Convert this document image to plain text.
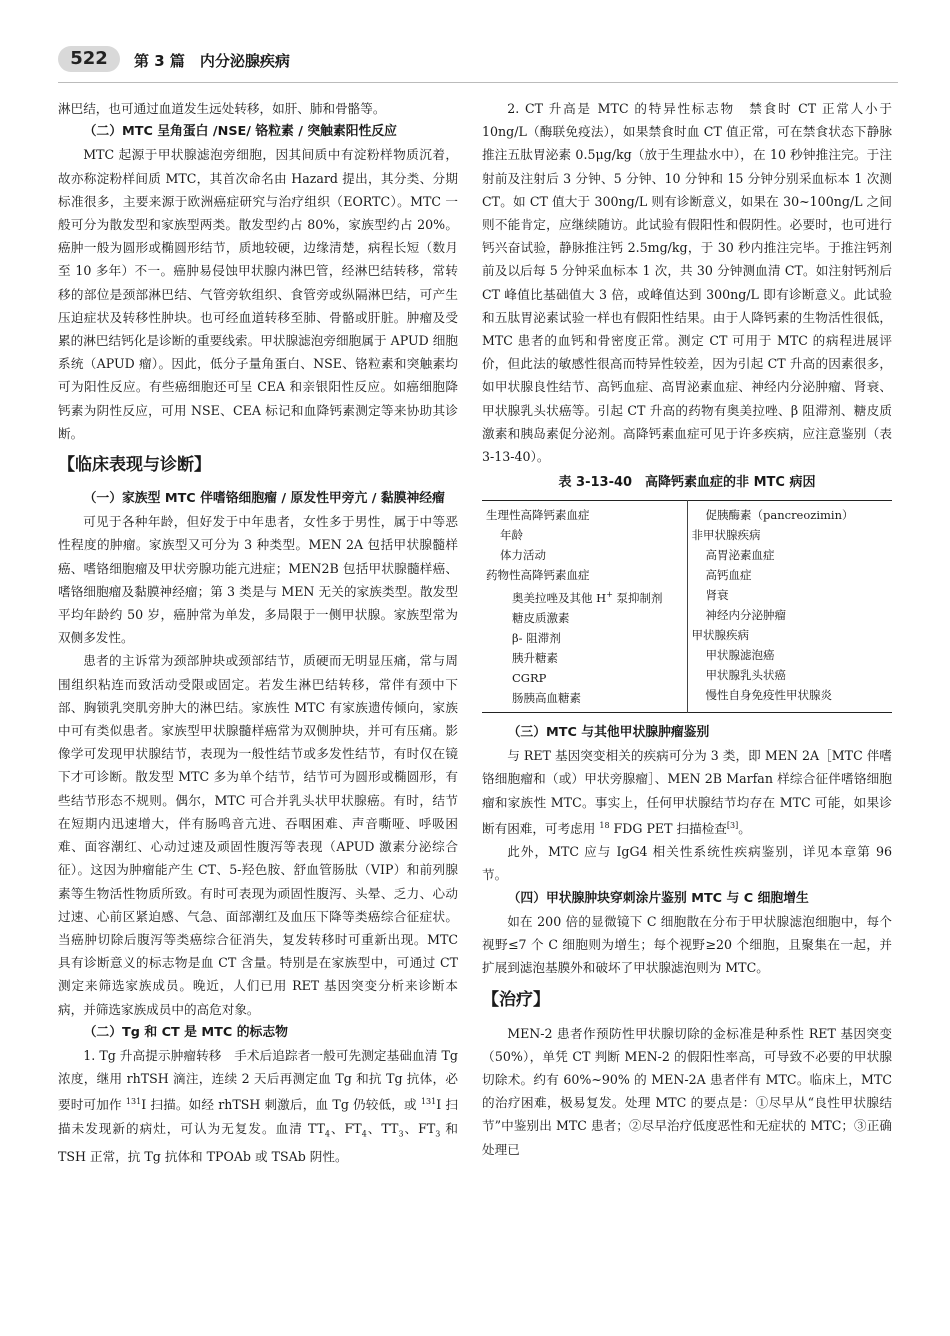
522	第 3 篇　内分泌腺疾病

淋巴结，也可通过血道发生远处转移，如肝、肺和骨骼等。

（二）MTC 呈角蛋白 /NSE/ 铬粒素 / 突触素阳性反应

MTC 起源于甲状腺滤泡旁细胞，因其间质中有淀粉样物质沉着，故亦称淀粉样间质 MTC，其首次命名由 Hazard 提出，其分类、分期标准很多，主要来源于欧洲癌症研究与治疗组织（EORTC）。MTC 一般可分为散发型和家族型两类。散发型约占 80%，家族型约占 20%。癌肿一般为圆形或椭圆形结节，质地较硬，边缘清楚，病程长短（数月至 10 多年）不一。癌肿易侵蚀甲状腺内淋巴管，经淋巴结转移，常转移的部位是颈部淋巴结、气管旁软组织、食管旁或纵隔淋巴结，可产生压迫症状及转移性肿块。也可经血道转移至肺、骨骼或肝脏。肿瘤及受累的淋巴结钙化是诊断的重要线索。甲状腺滤泡旁细胞属于 APUD 细胞系统（APUD 瘤）。因此，低分子量角蛋白、NSE、铬粒素和突触素均可为阳性反应。有些癌细胞还可呈 CEA 和亲银阳性反应。如癌细胞降钙素为阴性反应，可用 NSE、CEA 标记和血降钙素测定等来协助其诊断。

【临床表现与诊断】
（一）家族型 MTC 伴嗜铬细胞瘤 / 原发性甲旁亢 / 黏膜神经瘤

可见于各种年龄，但好发于中年患者，女性多于男性，属于中等恶性程度的肿瘤。家族型又可分为 3 种类型。MEN 2A 包括甲状腺髓样癌、嗜铬细胞瘤及甲状旁腺功能亢进症；MEN2B 包括甲状腺髓样癌、嗜铬细胞瘤及黏膜神经瘤；第 3 类是与 MEN 无关的家族类型。散发型平均年龄约 50 岁，癌肿常为单发，多局限于一侧甲状腺。家族型常为双侧多发性。

患者的主诉常为颈部肿块或颈部结节，质硬而无明显压痛，常与周围组织粘连而致活动受限或固定。若发生淋巴结转移，常伴有颈中下部、胸锁乳突肌旁肿大的淋巴结。家族性 MTC 有家族遗传倾向，家族中可有类似患者。家族型甲状腺髓样癌常为双侧肿块，并可有压痛。影像学可发现甲状腺结节，表现为一般性结节或多发性结节，有时仅在镜下才可诊断。散发型 MTC 多为单个结节，结节可为圆形或椭圆形，有些结节形态不规则。偶尔，MTC 可合并乳头状甲状腺癌。有时，结节在短期内迅速增大，伴有肠鸣音亢进、吞咽困难、声音嘶哑、呼吸困难、面容潮红、心动过速及顽固性腹泻等表现（APUD 激素分泌综合征）。这因为肿瘤能产生 CT、5-羟色胺、舒血管肠肽（VIP）和前列腺素等生物活性物质所致。有时可表现为顽固性腹泻、头晕、乏力、心动过速、心前区紧迫感、气急、面部潮红及血压下降等类癌综合征症状。当癌肿切除后腹泻等类癌综合征消失，复发转移时可重新出现。MTC 具有诊断意义的标志物是血 CT 含量。特别是在家族型中，可通过 CT 测定来筛选家族成员。晚近，人们已用 RET 基因突变分析来诊断本病，并筛选家族成员中的高危对象。

（二）Tg 和 CT 是 MTC 的标志物

1. Tg 升高提示肿瘤转移　手术后追踪者一般可先测定基础血清 Tg 浓度，继用 rhTSH 滴注，连续 2 天后再测定血 Tg 和抗 Tg 抗体，必要时可加作 $^{131}$I 扫描。如经 rhTSH 刺激后，血 Tg 仍较低，或 $^{131}$I 扫描未发现新的病灶，可认为无复发。血清 $TT_4$、$FT_4$、$TT_3$、$FT_3$ 和 TSH 正常，抗 Tg 抗体和 TPOAb 或 TSAb 阴性。

2. CT 升高是 MTC 的特异性标志物　禁食时 CT 正常人小于 10ng/L（酶联免疫法），如果禁食时血 CT 值正常，可在禁食状态下静脉推注五肽胃泌素 0.5μg/kg（放于生理盐水中），在 10 秒钟推注完。于注射前及注射后 3 分钟、5 分钟、10 分钟和 15 分钟分别采血标本 1 次测 CT。如 CT 值大于 300ng/L 则有诊断意义，如果在 30~100ng/L 之间则不能肯定，应继续随访。此试验有假阳性和假阴性。必要时，也可进行钙兴奋试验，静脉推注钙 2.5mg/kg，于 30 秒内推注完毕。于推注钙剂前及以后每 5 分钟采血标本 1 次，共 30 分钟测血清 CT。如注射钙剂后 CT 峰值比基础值大 3 倍，或峰值达到 300ng/L 即有诊断意义。此试验和五肽胃泌素试验一样也有假阳性结果。由于人降钙素的生物活性很低，MTC 患者的血钙和骨密度正常。测定 CT 可用于 MTC 的病程进展评价，但此法的敏感性很高而特异性较差，因为引起 CT 升高的因素很多，如甲状腺良性结节、高钙血症、高胃泌素血症、神经内分泌肿瘤、肾衰、甲状腺乳头状癌等。引起 CT 升高的药物有奥美拉唑、β 阻滞剂、糖皮质激素和胰岛素促分泌剂。高降钙素血症可见于许多疾病，应注意鉴别（表 3-13-40）。

表 3-13-40　高降钙素血症的非 MTC 病因
生理性高降钙素血症
年龄
体力活动
药物性高降钙素血症
奥美拉唑及其他 H+ 泵抑制剂
糖皮质激素
β- 阻滞剂
胰升糖素
CGRP
肠胰高血糖素

促胰酶素（pancreozimin）
非甲状腺疾病
高胃泌素血症
高钙血症
肾衰
神经内分泌肿瘤
甲状腺疾病
甲状腺滤泡癌
甲状腺乳头状癌
慢性自身免疫性甲状腺炎
（三）MTC 与其他甲状腺肿瘤鉴别

与 RET 基因突变相关的疾病可分为 3 类，即 MEN 2A［MTC 伴嗜铬细胞瘤和（或）甲状旁腺瘤］、MEN 2B Marfan 样综合征伴嗜铬细胞瘤和家族性 MTC。事实上，任何甲状腺结节均存在 MTC 可能，如果诊断有困难，可考虑用 $^{18}$ FDG PET 扫描检查[3]。

此外，MTC 应与 IgG4 相关性系统性疾病鉴别，详见本章第 96 节。

（四）甲状腺肿块穿刺涂片鉴别 MTC 与 C 细胞增生

如在 200 倍的显微镜下 C 细胞散在分布于甲状腺滤泡细胞中，每个视野≤7 个 C 细胞则为增生；每个视野≥20 个细胞，且聚集在一起，并扩展到滤泡基膜外和破坏了甲状腺滤泡则为 MTC。

【治疗】

MEN-2 患者作预防性甲状腺切除的金标准是种系性 RET 基因突变（50%），单凭 CT 判断 MEN-2 的假阳性率高，可导致不必要的甲状腺切除术。约有 60%~90% 的 MEN-2A 患者伴有 MTC。临床上，MTC 的治疗困难，极易复发。处理 MTC 的要点是：①尽早从“良性甲状腺结节”中鉴别出 MTC 患者；②尽早治疗低度恶性和无症状的 MTC；③正确处理已
